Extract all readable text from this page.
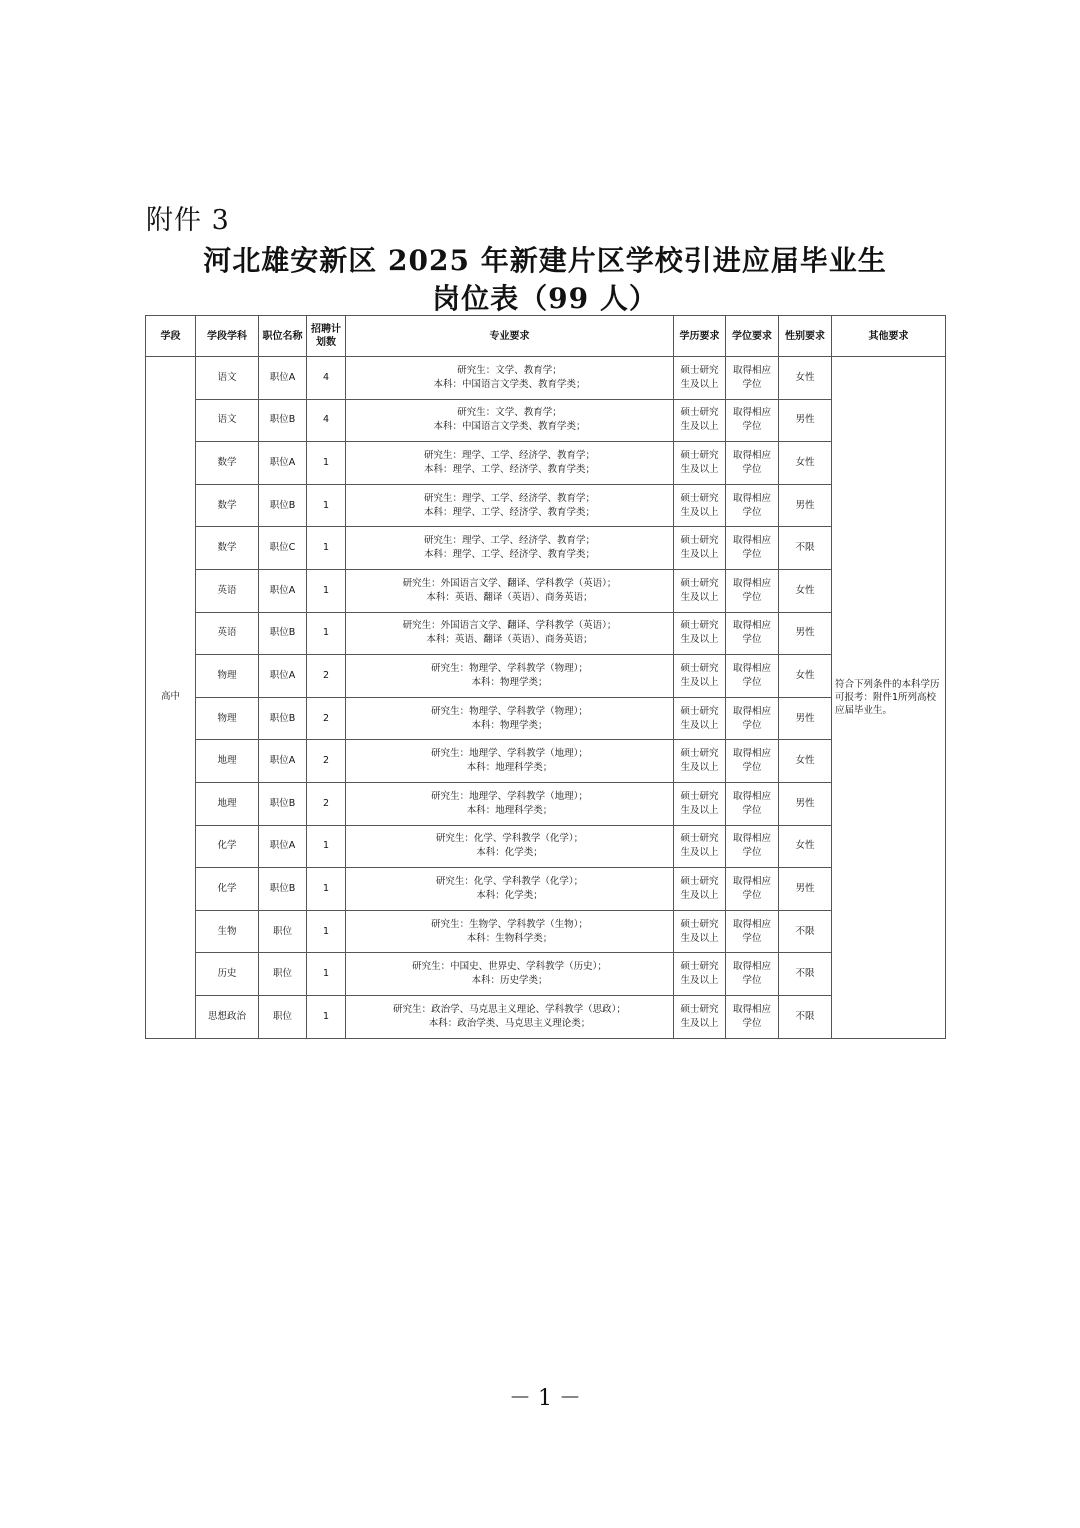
附件 3
河北雄安新区 2025 年新建片区学校引进应届毕业生
岗位表（99 人）
学段	学段学科	职位名称	招聘计划数	专业要求	学历要求	学位要求	性别要求	其他要求
高中	语文	职位A	4	研究生：文学、教育学；
本科：中国语言文学类、教育学类；	硕士研究生及以上	取得相应学位	女性	符合下列条件的本科学历可报考：附件1所列高校应届毕业生。
	语文	职位B	4	研究生：文学、教育学；
本科：中国语言文学类、教育学类；	硕士研究生及以上	取得相应学位	男性	
	数学	职位A	1	研究生：理学、工学、经济学、教育学；
本科：理学、工学、经济学、教育学类；	硕士研究生及以上	取得相应学位	女性	
	数学	职位B	1	研究生：理学、工学、经济学、教育学；
本科：理学、工学、经济学、教育学类；	硕士研究生及以上	取得相应学位	男性	
	数学	职位C	1	研究生：理学、工学、经济学、教育学；
本科：理学、工学、经济学、教育学类；	硕士研究生及以上	取得相应学位	不限	
	英语	职位A	1	研究生：外国语言文学、翻译、学科教学（英语）；
本科：英语、翻译（英语）、商务英语；	硕士研究生及以上	取得相应学位	女性	
	英语	职位B	1	研究生：外国语言文学、翻译、学科教学（英语）；
本科：英语、翻译（英语）、商务英语；	硕士研究生及以上	取得相应学位	男性	
	物理	职位A	2	研究生：物理学、学科教学（物理）；
本科：物理学类；	硕士研究生及以上	取得相应学位	女性	
	物理	职位B	2	研究生：物理学、学科教学（物理）；
本科：物理学类；	硕士研究生及以上	取得相应学位	男性	
	地理	职位A	2	研究生：地理学、学科教学（地理）；
本科：地理科学类；	硕士研究生及以上	取得相应学位	女性	
	地理	职位B	2	研究生：地理学、学科教学（地理）；
本科：地理科学类；	硕士研究生及以上	取得相应学位	男性	
	化学	职位A	1	研究生：化学、学科教学（化学）；
本科：化学类；	硕士研究生及以上	取得相应学位	女性	
	化学	职位B	1	研究生：化学、学科教学（化学）；
本科：化学类；	硕士研究生及以上	取得相应学位	男性	
	生物	职位	1	研究生：生物学、学科教学（生物）；
本科：生物科学类；	硕士研究生及以上	取得相应学位	不限	
	历史	职位	1	研究生：中国史、世界史、学科教学（历史）；
本科：历史学类；	硕士研究生及以上	取得相应学位	不限	
	思想政治	职位	1	研究生：政治学、马克思主义理论、学科教学（思政）；
本科：政治学类、马克思主义理论类；	硕士研究生及以上	取得相应学位	不限	
－ 1 －
